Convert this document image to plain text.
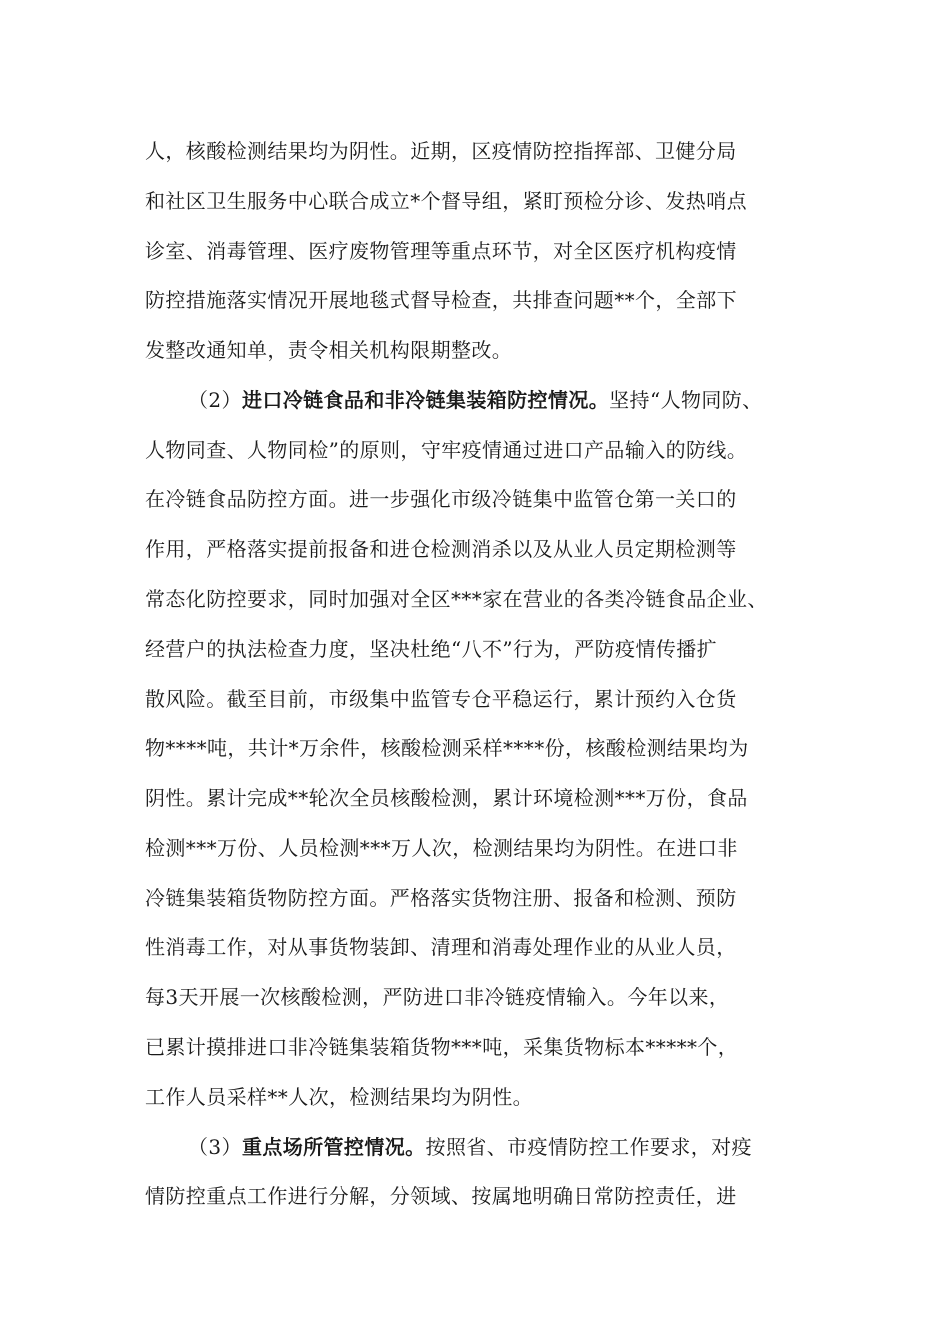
人，核酸检测结果均为阴性。近期，区疫情防控指挥部、卫健分局
和社区卫生服务中心联合成立*个督导组，紧盯预检分诊、发热哨点
诊室、消毒管理、医疗废物管理等重点环节，对全区医疗机构疫情
防控措施落实情况开展地毯式督导检查，共排查问题**个，全部下
发整改通知单，责令相关机构限期整改。
（2）进口冷链食品和非冷链集装箱防控情况。坚持“人物同防、
人物同查、人物同检”的原则，守牢疫情通过进口产品输入的防线。
在冷链食品防控方面。进一步强化市级冷链集中监管仓第一关口的
作用，严格落实提前报备和进仓检测消杀以及从业人员定期检测等
常态化防控要求，同时加强对全区***家在营业的各类冷链食品企业、
经营户的执法检查力度，坚决杜绝“八不”行为，严防疫情传播扩
散风险。截至目前，市级集中监管专仓平稳运行，累计预约入仓货
物****吨，共计*万余件，核酸检测采样****份，核酸检测结果均为
阴性。累计完成**轮次全员核酸检测，累计环境检测***万份，食品
检测***万份、人员检测***万人次，检测结果均为阴性。在进口非
冷链集装箱货物防控方面。严格落实货物注册、报备和检测、预防
性消毒工作，对从事货物装卸、清理和消毒处理作业的从业人员，
每3天开展一次核酸检测，严防进口非冷链疫情输入。今年以来，
已累计摸排进口非冷链集装箱货物***吨，采集货物标本*****个，
工作人员采样**人次，检测结果均为阴性。
（3）重点场所管控情况。按照省、市疫情防控工作要求，对疫
情防控重点工作进行分解，分领域、按属地明确日常防控责任，进
